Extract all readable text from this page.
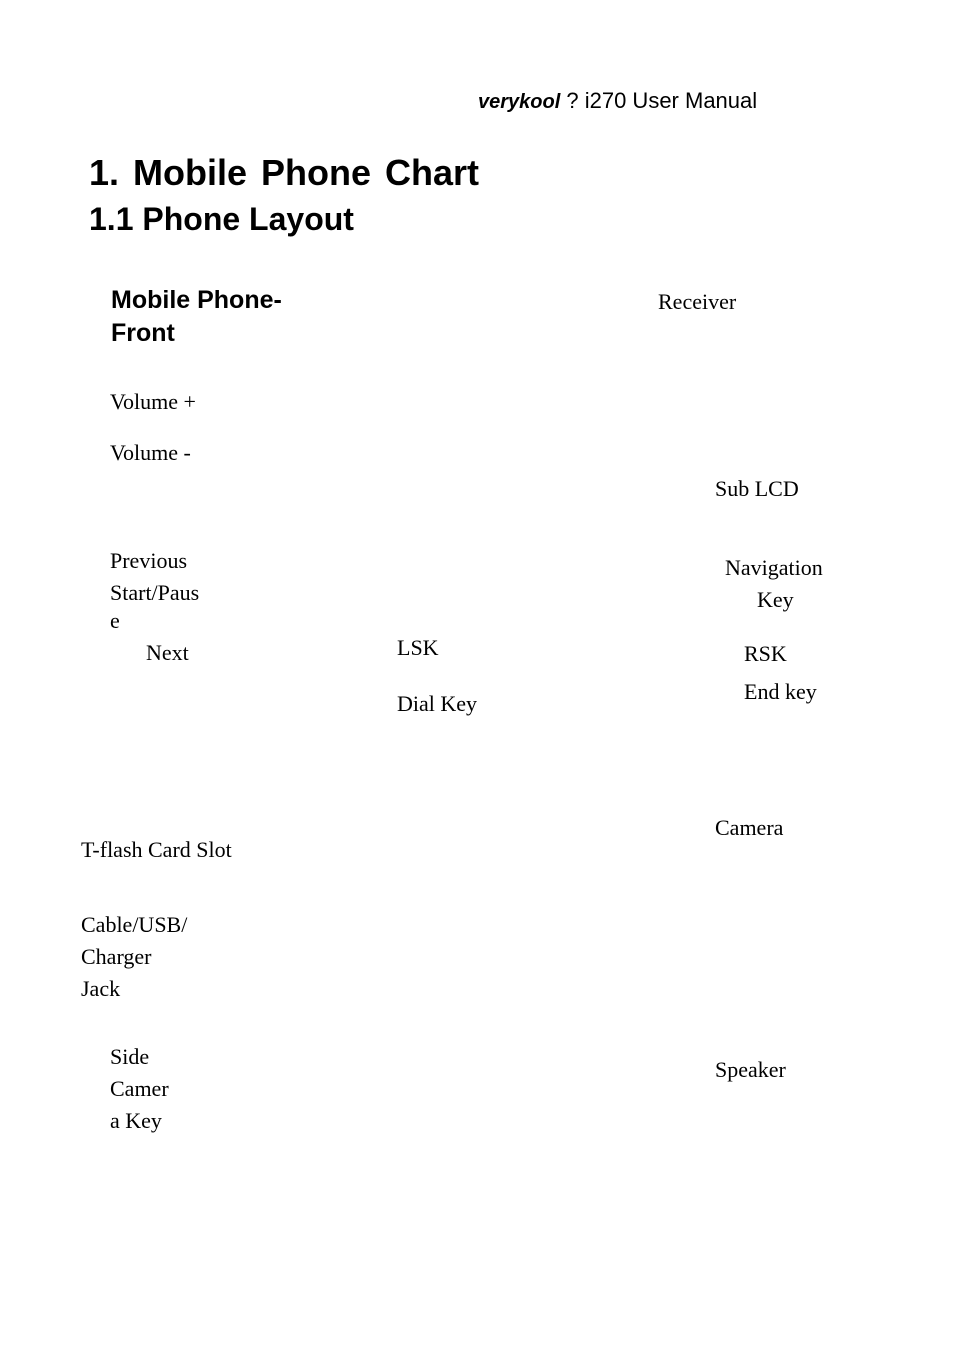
verykool ? i270 User Manual
1. Mobile Phone Chart
1.1 Phone Layout
Mobile Phone-
Front
Receiver
Volume +
Volume -
Sub LCD
Previous
Start/Paus
e
Next
Navigation
Key
LSK	RSK
Dial Key	End key
Camera
T-flash Card Slot
Cable/USB/
Charger
Jack
Side
Camer
a Key
Speaker
